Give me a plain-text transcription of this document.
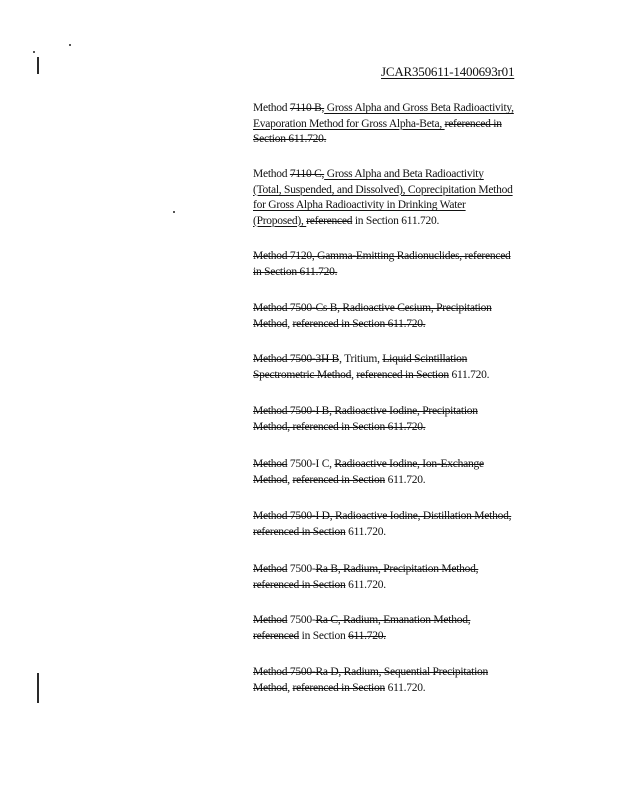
JCAR350611-1400693r01
Method 7110 B, Gross Alpha and Gross Beta Radioactivity,
Evaporation Method for Gross Alpha-Beta, referenced in
Section 611.720.
Method 7110 C, Gross Alpha and Beta Radioactivity
(Total, Suspended, and Dissolved), Coprecipitation Method
for Gross Alpha Radioactivity in Drinking Water
(Proposed), referenced in Section 611.720.
Method 7120, Gamma-Emitting Radionuclides, referenced
in Section 611.720.
Method 7500-Cs B, Radioactive Cesium, Precipitation
Method, referenced in Section 611.720.
Method 7500-3H B, Tritium, Liquid Scintillation
Spectrometric Method, referenced in Section 611.720.
Method 7500-I B, Radioactive Iodine, Precipitation
Method, referenced in Section 611.720.
Method 7500-I C, Radioactive Iodine, Ion-Exchange
Method, referenced in Section 611.720.
Method 7500-I D, Radioactive Iodine, Distillation Method,
referenced in Section 611.720.
Method 7500-Ra B, Radium, Precipitation Method,
referenced in Section 611.720.
Method 7500-Ra C, Radium, Emanation Method,
referenced in Section 611.720.
Method 7500-Ra D, Radium, Sequential Precipitation
Method, referenced in Section 611.720.
